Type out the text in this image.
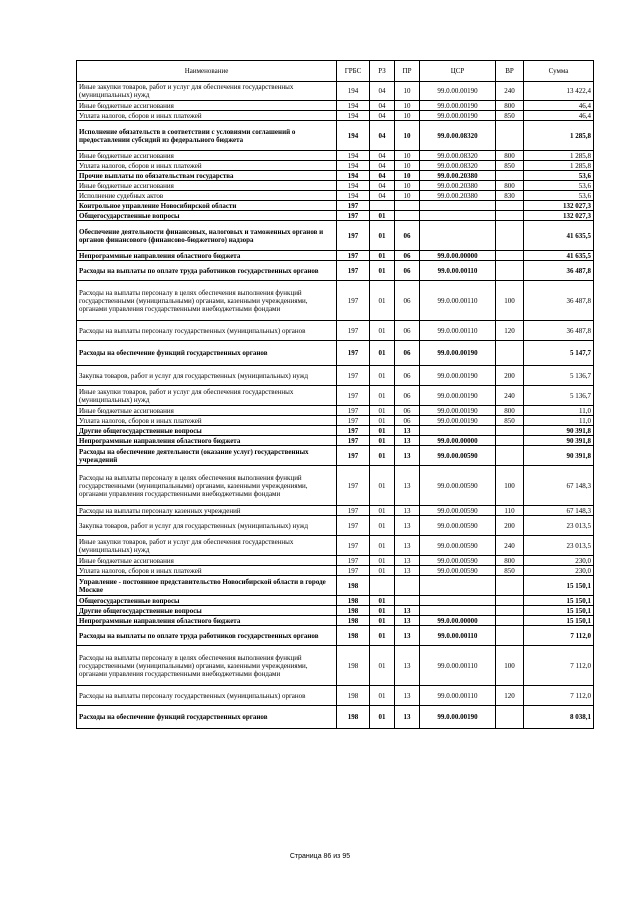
Наименование	ГРБС	РЗ	ПР	ЦСР	ВР	Сумма
Иные закупки товаров, работ и услуг для обеспечения государственных (муниципальных) нужд	194	04	10	99.0.00.00190	240	13 422,4
Иные бюджетные ассигнования	194	04	10	99.0.00.00190	800	46,4
Уплата налогов, сборов и иных платежей	194	04	10	99.0.00.00190	850	46,4
Исполнение обязательств в соответствии с условиями соглашений о предоставлении субсидий из федерального бюджета	194	04	10	99.0.00.08320		1 285,8
Иные бюджетные ассигнования	194	04	10	99.0.00.08320	800	1 285,8
Уплата налогов, сборов и иных платежей	194	04	10	99.0.00.08320	850	1 285,8
Прочие выплаты по обязательствам государства	194	04	10	99.0.00.20380		53,6
Иные бюджетные ассигнования	194	04	10	99.0.00.20380	800	53,6
Исполнение судебных актов	194	04	10	99.0.00.20380	830	53,6
Контрольное управление Новосибирской области	197					132 027,3
Общегосударственные вопросы	197	01				132 027,3
Обеспечение деятельности финансовых, налоговых и таможенных органов и органов финансового (финансово-бюджетного) надзора	197	01	06			41 635,5
Непрограммные направления областного бюджета	197	01	06	99.0.00.00000		41 635,5
Расходы на выплаты по оплате труда работников государственных органов	197	01	06	99.0.00.00110		36 487,8
Расходы на выплаты персоналу в целях обеспечения выполнения функций государственными (муниципальными) органами, казенными учреждениями, органами управления государственными внебюджетными фондами	197	01	06	99.0.00.00110	100	36 487,8
Расходы на выплаты персоналу государственных (муниципальных) органов	197	01	06	99.0.00.00110	120	36 487,8
Расходы на обеспечение функций государственных органов	197	01	06	99.0.00.00190		5 147,7
Закупка товаров, работ и услуг для государственных (муниципальных) нужд	197	01	06	99.0.00.00190	200	5 136,7
Иные закупки товаров, работ и услуг для обеспечения государственных (муниципальных) нужд	197	01	06	99.0.00.00190	240	5 136,7
Иные бюджетные ассигнования	197	01	06	99.0.00.00190	800	11,0
Уплата налогов, сборов и иных платежей	197	01	06	99.0.00.00190	850	11,0
Другие общегосударственные вопросы	197	01	13			90 391,8
Непрограммные направления областного бюджета	197	01	13	99.0.00.00000		90 391,8
Расходы на обеспечение деятельности (оказание услуг) государственных учреждений	197	01	13	99.0.00.00590		90 391,8
Расходы на выплаты персоналу в целях обеспечения выполнения функций государственными (муниципальными) органами, казенными учреждениями, органами управления государственными внебюджетными фондами	197	01	13	99.0.00.00590	100	67 148,3
Расходы на выплаты персоналу казенных учреждений	197	01	13	99.0.00.00590	110	67 148,3
Закупка товаров, работ и услуг для государственных (муниципальных) нужд	197	01	13	99.0.00.00590	200	23 013,5
Иные закупки товаров, работ и услуг для обеспечения государственных (муниципальных) нужд	197	01	13	99.0.00.00590	240	23 013,5
Иные бюджетные ассигнования	197	01	13	99.0.00.00590	800	230,0
Уплата налогов, сборов и иных платежей	197	01	13	99.0.00.00590	850	230,0
Управление - постоянное представительство Новосибирской области в городе Москве	198					15 150,1
Общегосударственные вопросы	198	01				15 150,1
Другие общегосударственные вопросы	198	01	13			15 150,1
Непрограммные направления областного бюджета	198	01	13	99.0.00.00000		15 150,1
Расходы на выплаты по оплате труда работников государственных органов	198	01	13	99.0.00.00110		7 112,0
Расходы на выплаты персоналу в целях обеспечения выполнения функций государственными (муниципальными) органами, казенными учреждениями, органами управления государственными внебюджетными фондами	198	01	13	99.0.00.00110	100	7 112,0
Расходы на выплаты персоналу государственных (муниципальных) органов	198	01	13	99.0.00.00110	120	7 112,0
Расходы на обеспечение функций государственных органов	198	01	13	99.0.00.00190		8 038,1
Страница 86 из 95
